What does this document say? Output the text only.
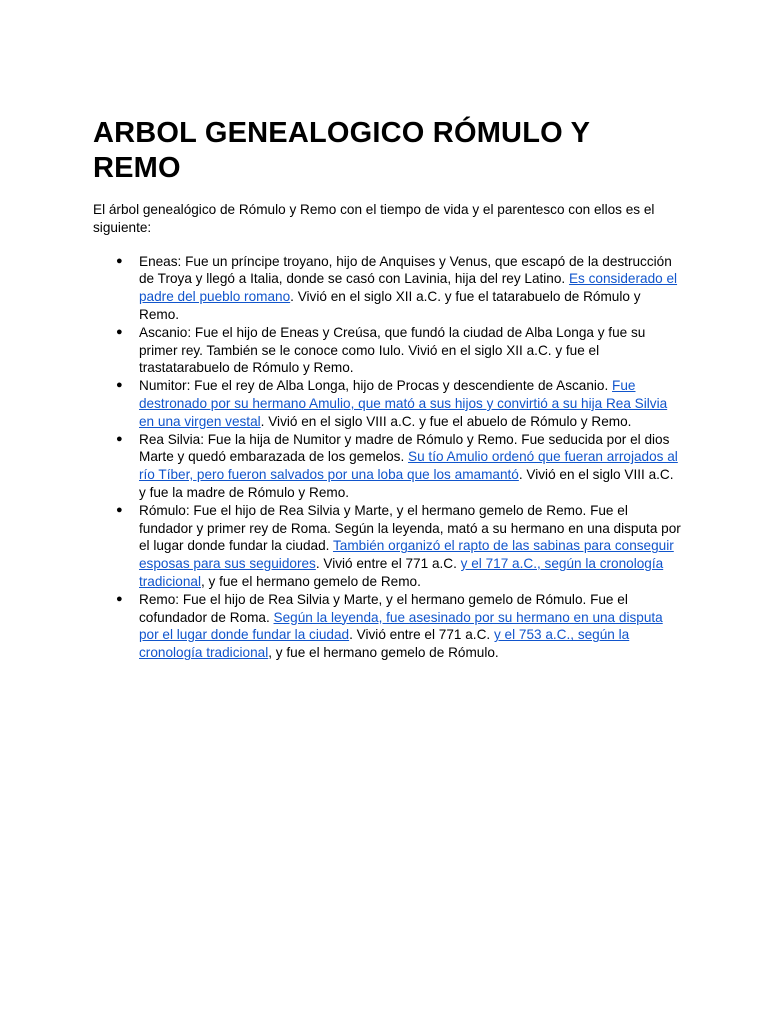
ARBOL GENEALOGICO RÓMULO Y REMO

El árbol genealógico de Rómulo y Remo con el tiempo de vida y el parentesco con ellos es el siguiente:

● Eneas: Fue un príncipe troyano, hijo de Anquises y Venus, que escapó de la destrucción de Troya y llegó a Italia, donde se casó con Lavinia, hija del rey Latino. Es considerado el padre del pueblo romano. Vivió en el siglo XII a.C. y fue el tatarabuelo de Rómulo y Remo.
● Ascanio: Fue el hijo de Eneas y Creúsa, que fundó la ciudad de Alba Longa y fue su primer rey. También se le conoce como Iulo. Vivió en el siglo XII a.C. y fue el trastatarabuelo de Rómulo y Remo.
● Numitor: Fue el rey de Alba Longa, hijo de Procas y descendiente de Ascanio. Fue destronado por su hermano Amulio, que mató a sus hijos y convirtió a su hija Rea Silvia en una virgen vestal. Vivió en el siglo VIII a.C. y fue el abuelo de Rómulo y Remo.
● Rea Silvia: Fue la hija de Numitor y madre de Rómulo y Remo. Fue seducida por el dios Marte y quedó embarazada de los gemelos. Su tío Amulio ordenó que fueran arrojados al río Tíber, pero fueron salvados por una loba que los amamantó. Vivió en el siglo VIII a.C. y fue la madre de Rómulo y Remo.
● Rómulo: Fue el hijo de Rea Silvia y Marte, y el hermano gemelo de Remo. Fue el fundador y primer rey de Roma. Según la leyenda, mató a su hermano en una disputa por el lugar donde fundar la ciudad. También organizó el rapto de las sabinas para conseguir esposas para sus seguidores. Vivió entre el 771 a.C. y el 717 a.C., según la cronología tradicional, y fue el hermano gemelo de Remo.
● Remo: Fue el hijo de Rea Silvia y Marte, y el hermano gemelo de Rómulo. Fue el cofundador de Roma. Según la leyenda, fue asesinado por su hermano en una disputa por el lugar donde fundar la ciudad. Vivió entre el 771 a.C. y el 753 a.C., según la cronología tradicional, y fue el hermano gemelo de Rómulo.
